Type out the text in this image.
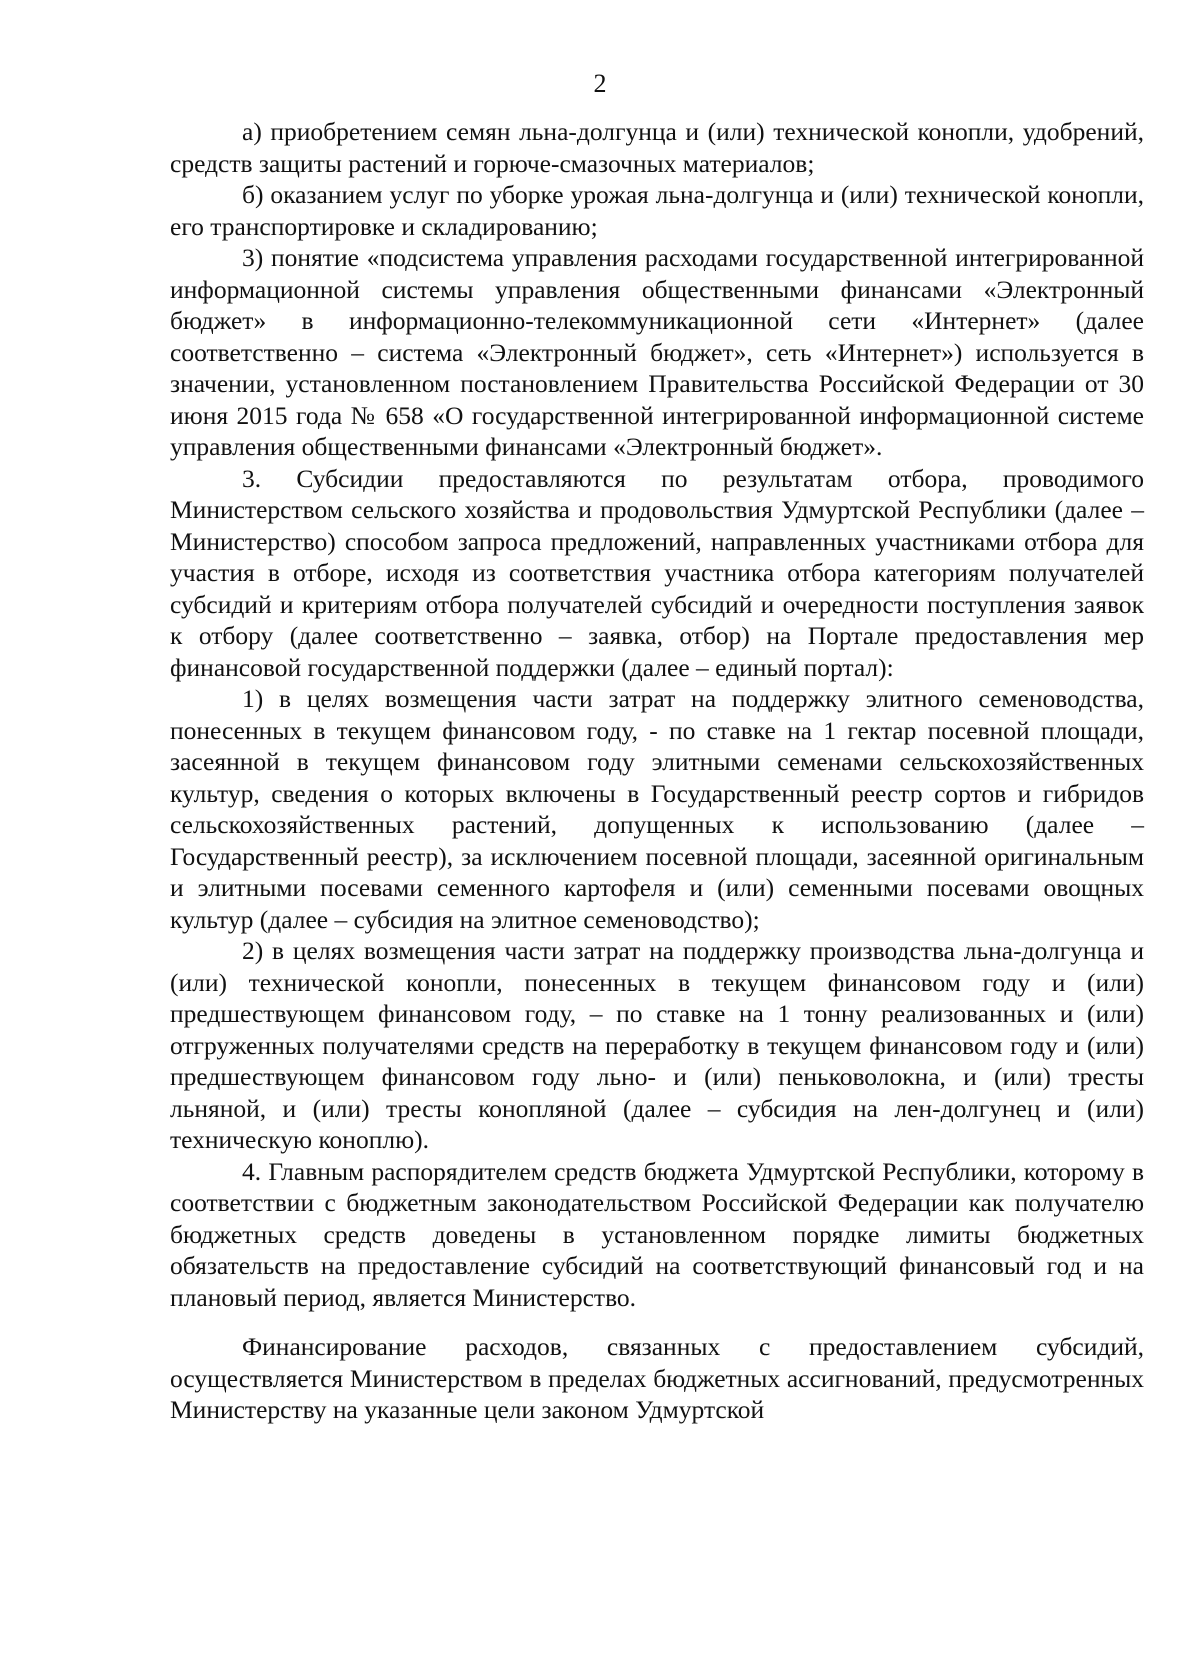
2

а) приобретением семян льна-долгунца и (или) технической конопли, удобрений, средств защиты растений и горюче-смазочных материалов;

б) оказанием услуг по уборке урожая льна-долгунца и (или) технической конопли, его транспортировке и складированию;

3) понятие «подсистема управления расходами государственной интегрированной информационной системы управления общественными финансами «Электронный бюджет» в информационно-телекоммуникационной сети «Интернет» (далее соответственно – система «Электронный бюджет», сеть «Интернет») используется в значении, установленном постановлением Правительства Российской Федерации от 30 июня 2015 года № 658 «О государственной интегрированной информационной системе управления общественными финансами «Электронный бюджет».

3. Субсидии предоставляются по результатам отбора, проводимого Министерством сельского хозяйства и продовольствия Удмуртской Республики (далее – Министерство) способом запроса предложений, направленных участниками отбора для участия в отборе, исходя из соответствия участника отбора категориям получателей субсидий и критериям отбора получателей субсидий и очередности поступления заявок к отбору (далее соответственно – заявка, отбор) на Портале предоставления мер финансовой государственной поддержки (далее – единый портал):

1) в целях возмещения части затрат на поддержку элитного семеноводства, понесенных в текущем финансовом году, - по ставке на 1 гектар посевной площади, засеянной в текущем финансовом году элитными семенами сельскохозяйственных культур, сведения о которых включены в Государственный реестр сортов и гибридов сельскохозяйственных растений, допущенных к использованию (далее – Государственный реестр), за исключением посевной площади, засеянной оригинальным и элитными посевами семенного картофеля и (или) семенными посевами овощных культур (далее – субсидия на элитное семеноводство);

2) в целях возмещения части затрат на поддержку производства льна-долгунца и (или) технической конопли, понесенных в текущем финансовом году и (или) предшествующем финансовом году, – по ставке на 1 тонну реализованных и (или) отгруженных получателями средств на переработку в текущем финансовом году и (или) предшествующем финансовом году льно- и (или) пеньковолокна, и (или) тресты льняной, и (или) тресты конопляной (далее – субсидия на лен-долгунец и (или) техническую коноплю).

4. Главным распорядителем средств бюджета Удмуртской Республики, которому в соответствии с бюджетным законодательством Российской Федерации как получателю бюджетных средств доведены в установленном порядке лимиты бюджетных обязательств на предоставление субсидий на соответствующий финансовый год и на плановый период, является Министерство.

Финансирование расходов, связанных с предоставлением субсидий, осуществляется Министерством в пределах бюджетных ассигнований, предусмотренных Министерству на указанные цели законом Удмуртской
